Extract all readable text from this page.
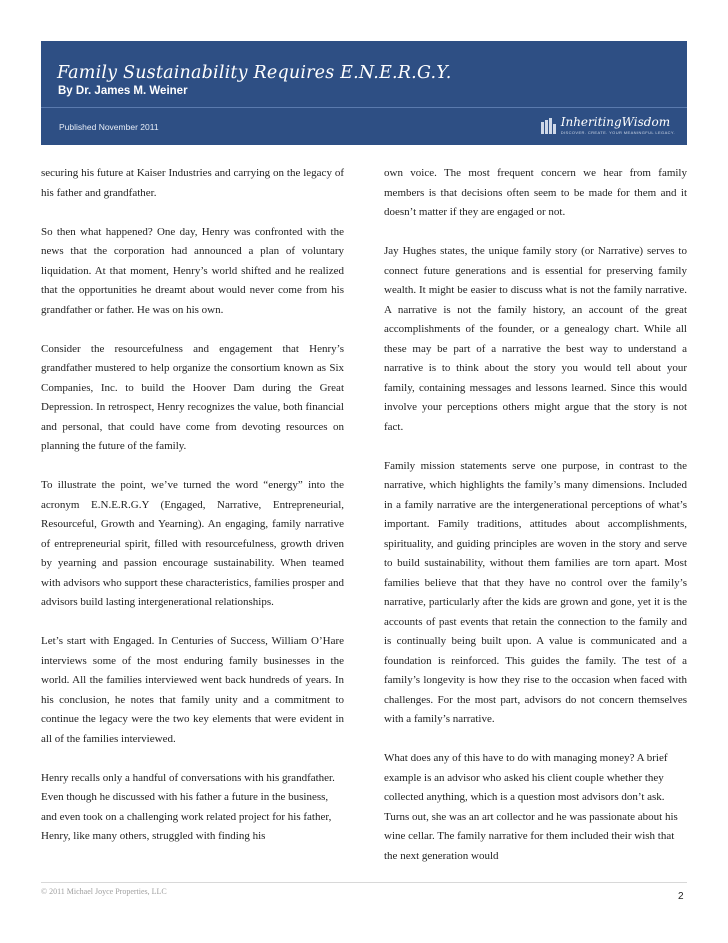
Family Sustainability Requires E.N.E.R.G.Y.
By Dr. James M. Weiner
Published November 2011	InheritingWisdom
DISCOVER. CREATE. YOUR MEANINGFUL LEGACY.

securing his future at Kaiser Industries and carrying on the legacy of his father and grandfather.

So then what happened? One day, Henry was confronted with the news that the corporation had announced a plan of voluntary liquidation. At that moment, Henry’s world shifted and he realized that the opportunities he dreamt about would never come from his grandfather or father. He was on his own.

Consider the resourcefulness and engagement that Henry’s grandfather mustered to help organize the consortium known as Six Companies, Inc. to build the Hoover Dam during the Great Depression. In retrospect, Henry recognizes the value, both financial and personal, that could have come from devoting resources on planning the future of the family.

To illustrate the point, we’ve turned the word “energy” into the acronym E.N.E.R.G.Y (Engaged, Narrative, Entrepreneurial, Resourceful, Growth and Yearning). An engaging, family narrative of entrepreneurial spirit, filled with resourcefulness, growth driven by yearning and passion encourage sustainability. When teamed with advisors who support these characteristics, families prosper and advisors build lasting intergenerational relationships.

Let’s start with Engaged. In Centuries of Success, William O’Hare interviews some of the most enduring family businesses in the world. All the families interviewed went back hundreds of years. In his conclusion, he notes that family unity and a commitment to continue the legacy were the two key elements that were evident in all of the families interviewed.

Henry recalls only a handful of conversations with his grandfather. Even though he discussed with his father a future in the business, and even took on a challenging work related project for his father, Henry, like many others, struggled with finding his

own voice. The most frequent concern we hear from family members is that decisions often seem to be made for them and it doesn’t matter if they are engaged or not.

Jay Hughes states, the unique family story (or Narrative) serves to connect future generations and is essential for preserving family wealth. It might be easier to discuss what is not the family narrative. A narrative is not the family history, an account of the great accomplishments of the founder, or a genealogy chart. While all these may be part of a narrative the best way to understand a narrative is to think about the story you would tell about your family, containing messages and lessons learned. Since this would involve your perceptions others might argue that the story is not fact.

Family mission statements serve one purpose, in contrast to the narrative, which highlights the family’s many dimensions. Included in a family narrative are the intergenerational perceptions of what’s important. Family traditions, attitudes about accomplishments, spirituality, and guiding principles are woven in the story and serve to build sustainability, without them families are torn apart. Most families believe that that they have no control over the family’s narrative, particularly after the kids are grown and gone, yet it is the accounts of past events that retain the connection to the family and is continually being built upon. A value is communicated and a foundation is reinforced. This guides the family. The test of a family’s longevity is how they rise to the occasion when faced with challenges. For the most part, advisors do not concern themselves with a family’s narrative.

What does any of this have to do with managing money? A brief example is an advisor who asked his client couple whether they collected anything, which is a question most advisors don’t ask. Turns out, she was an art collector and he was passionate about his wine cellar. The family narrative for them included their wish that the next generation would

© 2011 Michael Joyce Properties, LLC	2
